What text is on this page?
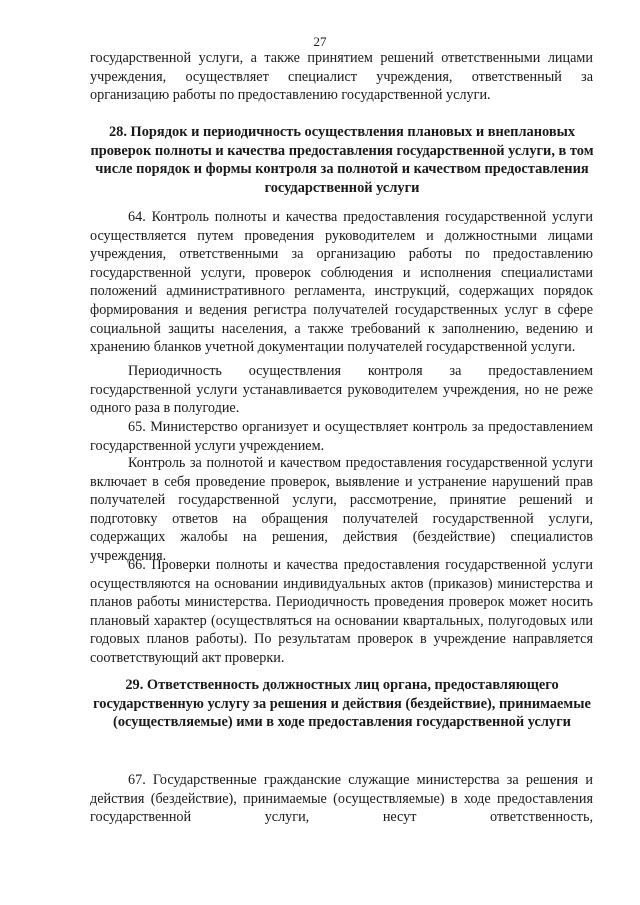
27
государственной услуги, а также принятием решений ответственными лицами учреждения, осуществляет специалист учреждения, ответственный за организацию работы по предоставлению государственной услуги.
28. Порядок и периодичность осуществления плановых и внеплановых проверок полноты и качества предоставления государственной услуги, в том числе порядок и формы контроля за полнотой и качеством предоставления государственной услуги
64. Контроль полноты и качества предоставления государственной услуги осуществляется путем проведения руководителем и должностными лицами учреждения, ответственными за организацию работы по предоставлению государственной услуги, проверок соблюдения и исполнения специалистами положений административного регламента, инструкций, содержащих порядок формирования и ведения регистра получателей государственных услуг в сфере социальной защиты населения, а также требований к заполнению, ведению и хранению бланков учетной документации получателей государственной услуги.
Периодичность осуществления контроля за предоставлением государственной услуги устанавливается руководителем учреждения, но не реже одного раза в полугодие.
65. Министерство организует и осуществляет контроль за предоставлением государственной услуги учреждением.
Контроль за полнотой и качеством предоставления государственной услуги включает в себя проведение проверок, выявление и устранение нарушений прав получателей государственной услуги, рассмотрение, принятие решений и подготовку ответов на обращения получателей государственной услуги, содержащих жалобы на решения, действия (бездействие) специалистов учреждения.
66. Проверки полноты и качества предоставления государственной услуги осуществляются на основании индивидуальных актов (приказов) министерства и планов работы министерства. Периодичность проведения проверок может носить плановый характер (осуществляться на основании квартальных, полугодовых или годовых планов работы). По результатам проверок в учреждение направляется соответствующий акт проверки.
29. Ответственность должностных лиц органа, предоставляющего государственную услугу за решения и действия (бездействие), принимаемые (осуществляемые) ими в ходе предоставления государственной услуги
67. Государственные гражданские служащие министерства за решения и действия (бездействие), принимаемые (осуществляемые) в ходе предоставления государственной услуги, несут ответственность,
